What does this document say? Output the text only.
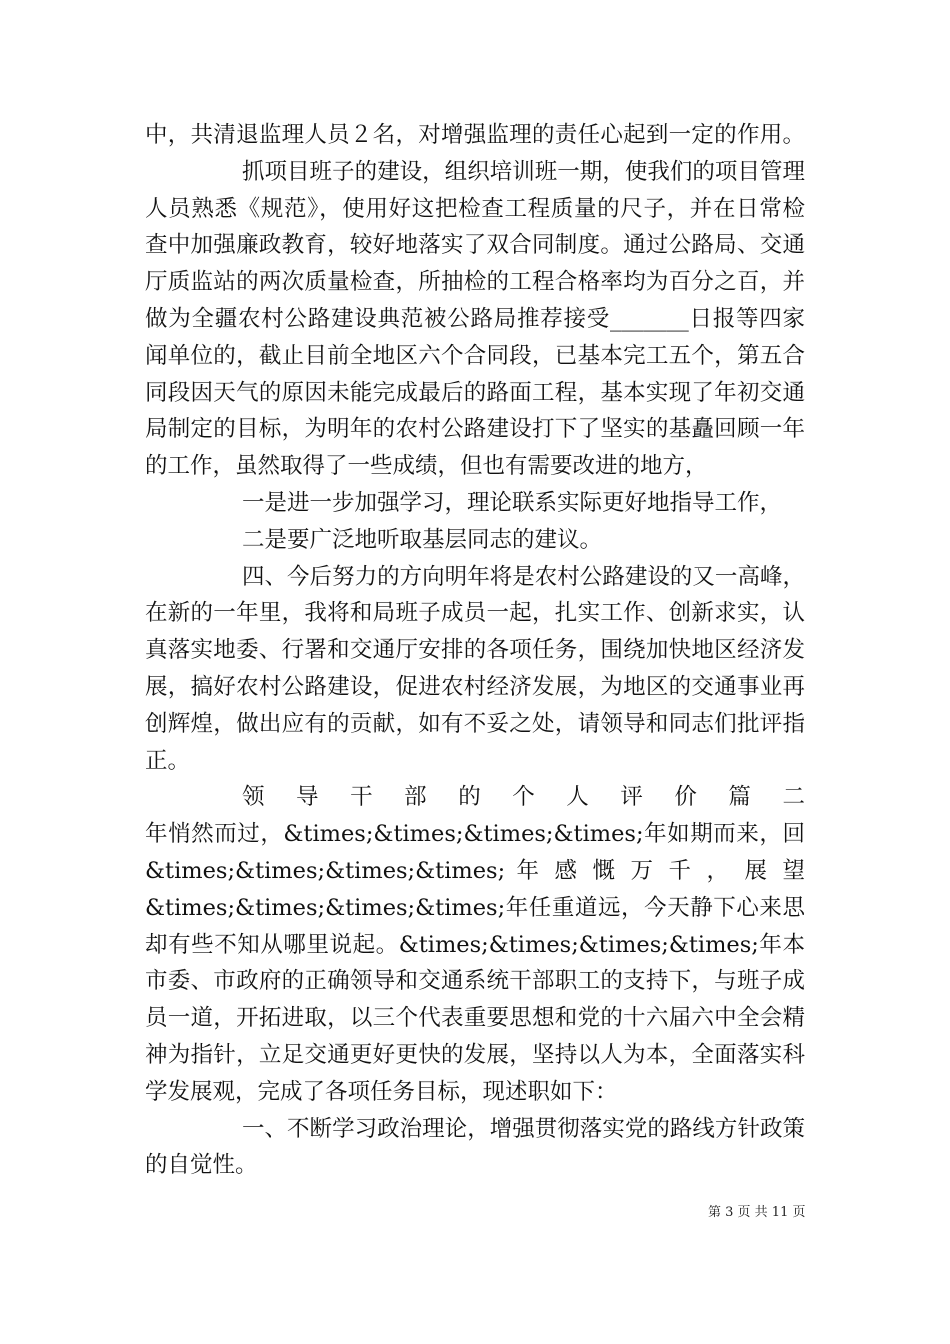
中，共清退监理人员２名，对增强监理的责任心起到一定的作用。
抓项目班子的建设，组织培训班一期，使我们的项目管理
人员熟悉《规范》，使用好这把检查工程质量的尺子，并在日常检
查中加强廉政教育，较好地落实了双合同制度。通过公路局、交通
厅质监站的两次质量检查，所抽检的工程合格率均为百分之百，并
做为全疆农村公路建设典范被公路局推荐接受_______日报等四家
闻单位的，截止目前全地区六个合同段，已基本完工五个，第五合
同段因天气的原因未能完成最后的路面工程，基本实现了年初交通
局制定的目标，为明年的农村公路建设打下了坚实的基矗回顾一年
的工作，虽然取得了一些成绩，但也有需要改进的地方，
一是进一步加强学习，理论联系实际更好地指导工作，
二是要广泛地听取基层同志的建议。
四、今后努力的方向明年将是农村公路建设的又一高峰，
在新的一年里，我将和局班子成员一起，扎实工作、创新求实，认
真落实地委、行署和交通厅安排的各项任务，围绕加快地区经济发
展，搞好农村公路建设，促进农村经济发展，为地区的交通事业再
创辉煌，做出应有的贡献，如有不妥之处，请领导和同志们批评指
正。
领导干部的个人评价篇二
年悄然而过，&times;&times;&times;&times;年如期而来，回
&times;&times;&times;&times; 年 感 慨 万 千 ， 展 望
&times;&times;&times;&times;年任重道远，今天静下心来思
却有些不知从哪里说起。&times;&times;&times;&times;年本
市委、市政府的正确领导和交通系统干部职工的支持下，与班子成
员一道，开拓进取，以三个代表重要思想和党的十六届六中全会精
神为指针，立足交通更好更快的发展，坚持以人为本，全面落实科
学发展观，完成了各项任务目标，现述职如下：
一、不断学习政治理论，增强贯彻落实党的路线方针政策
的自觉性。
第 3 页 共 11 页
